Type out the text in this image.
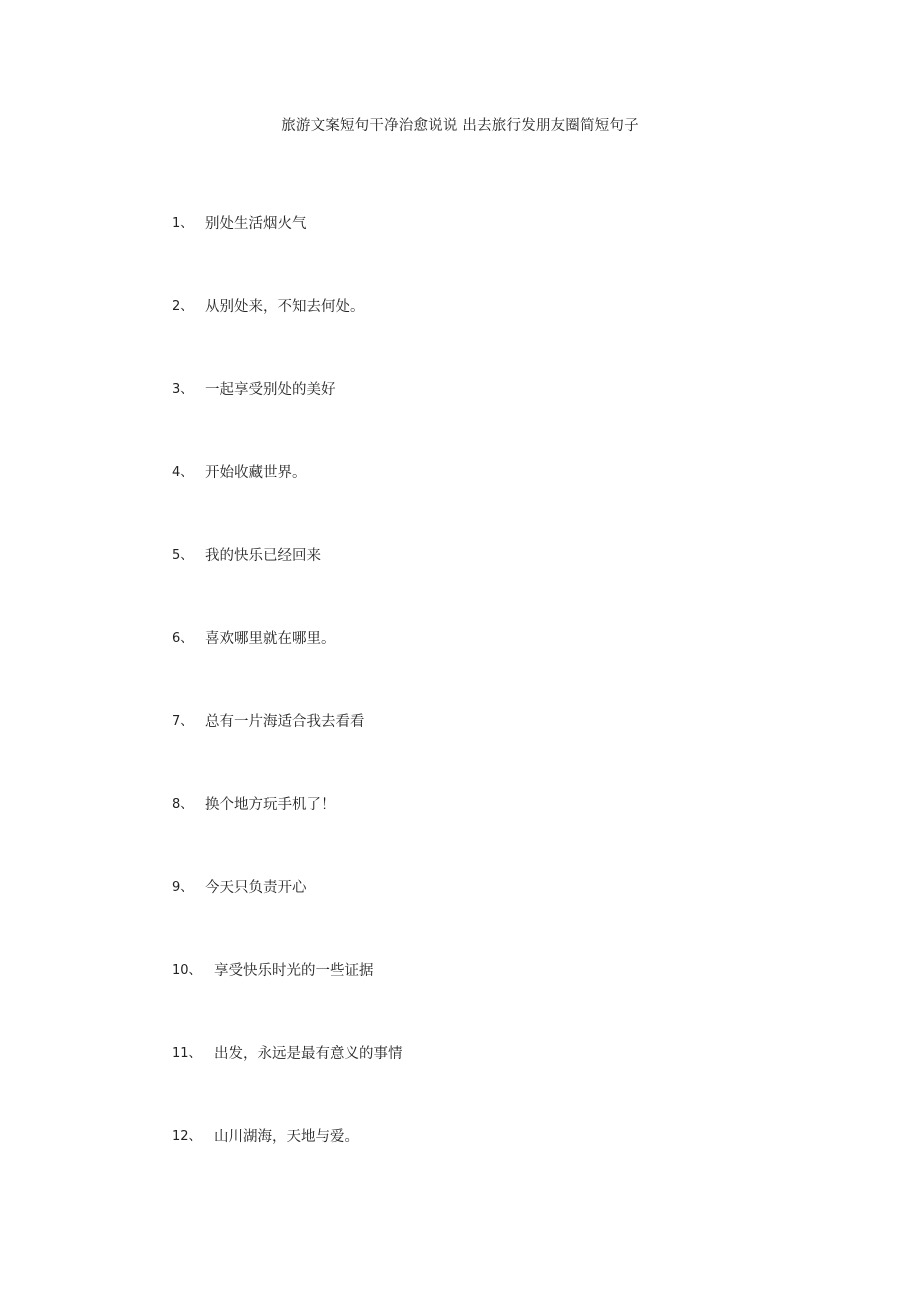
旅游文案短句干净治愈说说 出去旅行发朋友圈简短句子
1、 别处生活烟火气
2、 从别处来，不知去何处。
3、 一起享受别处的美好
4、 开始收藏世界。
5、 我的快乐已经回来
6、 喜欢哪里就在哪里。
7、 总有一片海适合我去看看
8、 换个地方玩手机了！
9、 今天只负责开心
10、 享受快乐时光的一些证据
11、 出发，永远是最有意义的事情
12、 山川湖海，天地与爱。
